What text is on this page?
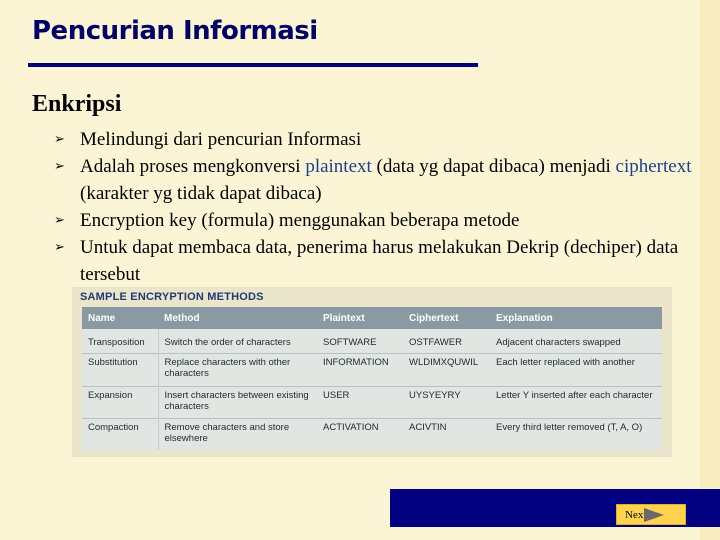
Pencurian Informasi
Enkripsi
➢ Melindungi dari pencurian Informasi
➢ Adalah proses mengkonversi plaintext (data yg dapat dibaca) menjadi ciphertext (karakter yg tidak dapat dibaca)
➢ Encryption key (formula) menggunakan beberapa metode
➢ Untuk dapat membaca data, penerima harus melakukan Dekrip (dechiper) data tersebut
SAMPLE ENCRYPTION METHODS
Name	Method	Plaintext	Ciphertext	Explanation
Transposition	Switch the order of characters	SOFTWARE	OSTFAWER	Adjacent characters swapped
Substitution	Replace characters with other characters	INFORMATION	WLDIMXQUWIL	Each letter replaced with another
Expansion	Insert characters between existing characters	USER	UYSYEYRY	Letter Y inserted after each character
Compaction	Remove characters and store elsewhere	ACTIVATION	ACIVTIN	Every third letter removed (T, A, O)
Next
